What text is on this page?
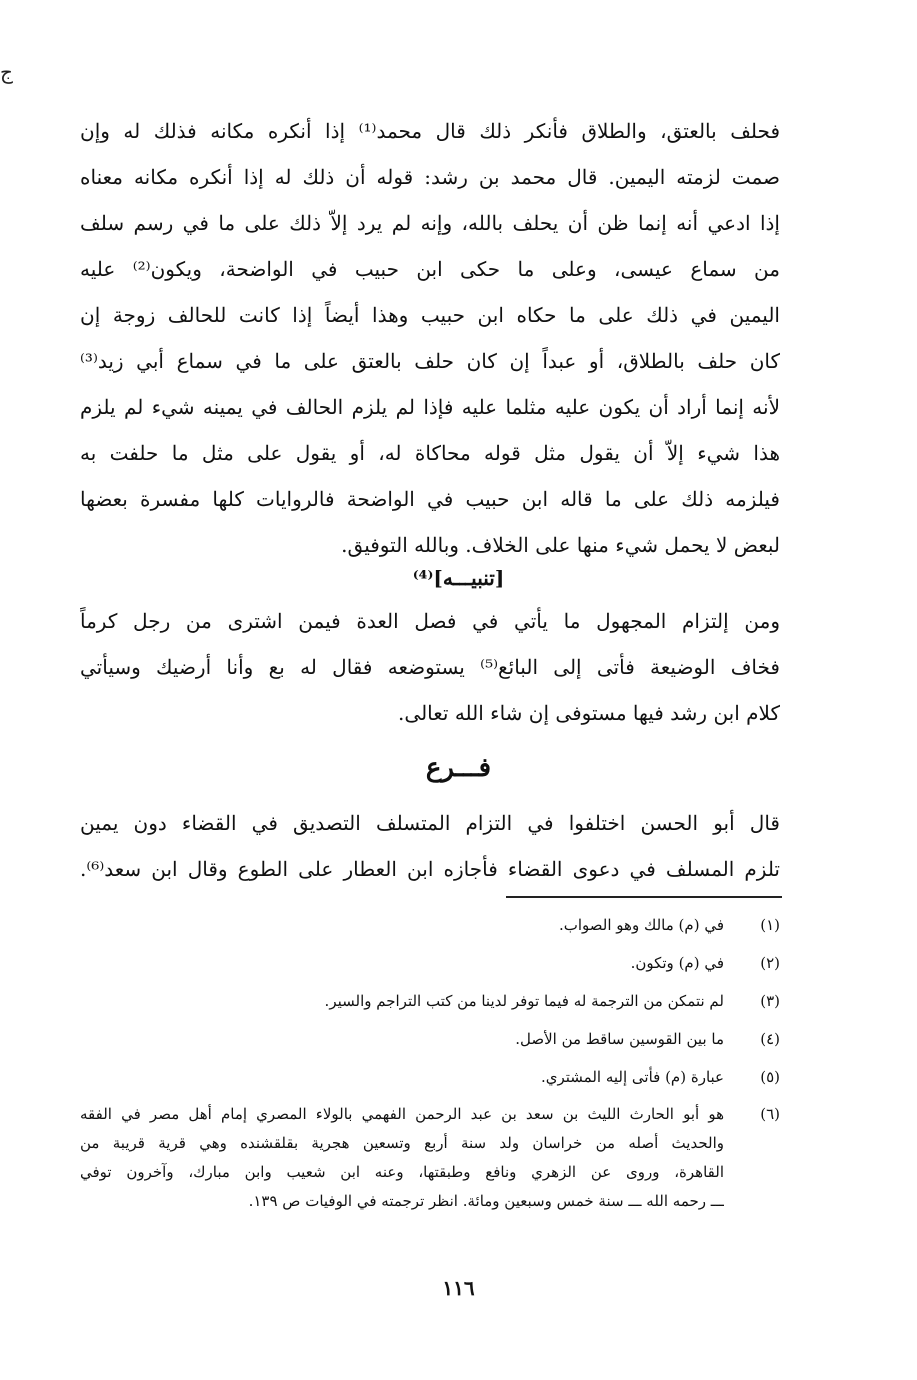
ج
فحلف بالعتق، والطلاق فأنكر ذلك قال محمد⁽¹⁾ إذا أنكره مكانه فذلك له وإن
صمت لزمته اليمين. قال محمد بن رشد: قوله أن ذلك له إذا أنكره مكانه معناه
إذا ادعي أنه إنما ظن أن يحلف بالله، وإنه لم يرد إلاّ ذلك على ما في رسم سلف
من سماع عيسى، وعلى ما حكى ابن حبيب في الواضحة، ويكون⁽²⁾ عليه
اليمين في ذلك على ما حكاه ابن حبيب وهذا أيضاً إذا كانت للحالف زوجة إن
كان حلف بالطلاق، أو عبداً إن كان حلف بالعتق على ما في سماع أبي زيد⁽³⁾
لأنه إنما أراد أن يكون عليه مثلما عليه فإذا لم يلزم الحالف في يمينه شيء لم يلزم
هذا شيء إلاّ أن يقول مثل قوله محاكاة له، أو يقول على مثل ما حلفت به
فيلزمه ذلك على ما قاله ابن حبيب في الواضحة فالروايات كلها مفسرة بعضها
لبعض لا يحمل شيء منها على الخلاف. وبالله التوفيق.
[تنبيـــه]⁽⁴⁾
ومن إلتزام المجهول ما يأتي في فصل العدة فيمن اشترى من رجل كرماً
فخاف الوضيعة فأتى إلى البائع⁽⁵⁾ يستوضعه فقال له بع وأنا أرضيك وسيأتي
كلام ابن رشد فيها مستوفى إن شاء الله تعالى.
فـــرع
قال أبو الحسن اختلفوا في التزام المتسلف التصديق في القضاء دون يمين
تلزم المسلف في دعوى القضاء فأجازه ابن العطار على الطوع وقال ابن سعد⁽⁶⁾.
(١)
في (م) مالك وهو الصواب.
(٢)
في (م) وتكون.
(٣)
لم نتمكن من الترجمة له فيما توفر لدينا من كتب التراجم والسير.
(٤)
ما بين القوسين ساقط من الأصل.
(٥)
عبارة (م) فأتى إليه المشتري.
(٦)
هو أبو الحارث الليث بن سعد بن عبد الرحمن الفهمي بالولاء المصري إمام أهل مصر في الفقه
والحديث أصله من خراسان ولد سنة أربع وتسعين هجرية بقلقشنده وهي قرية قريبة من
القاهرة، وروى عن الزهري ونافع وطبقتها، وعنه ابن شعيب وابن مبارك، وآخرون توفي
ـــ رحمه الله ـــ سنة خمس وسبعين ومائة. انظر ترجمته في الوفيات ص ١٣٩.
١١٦
